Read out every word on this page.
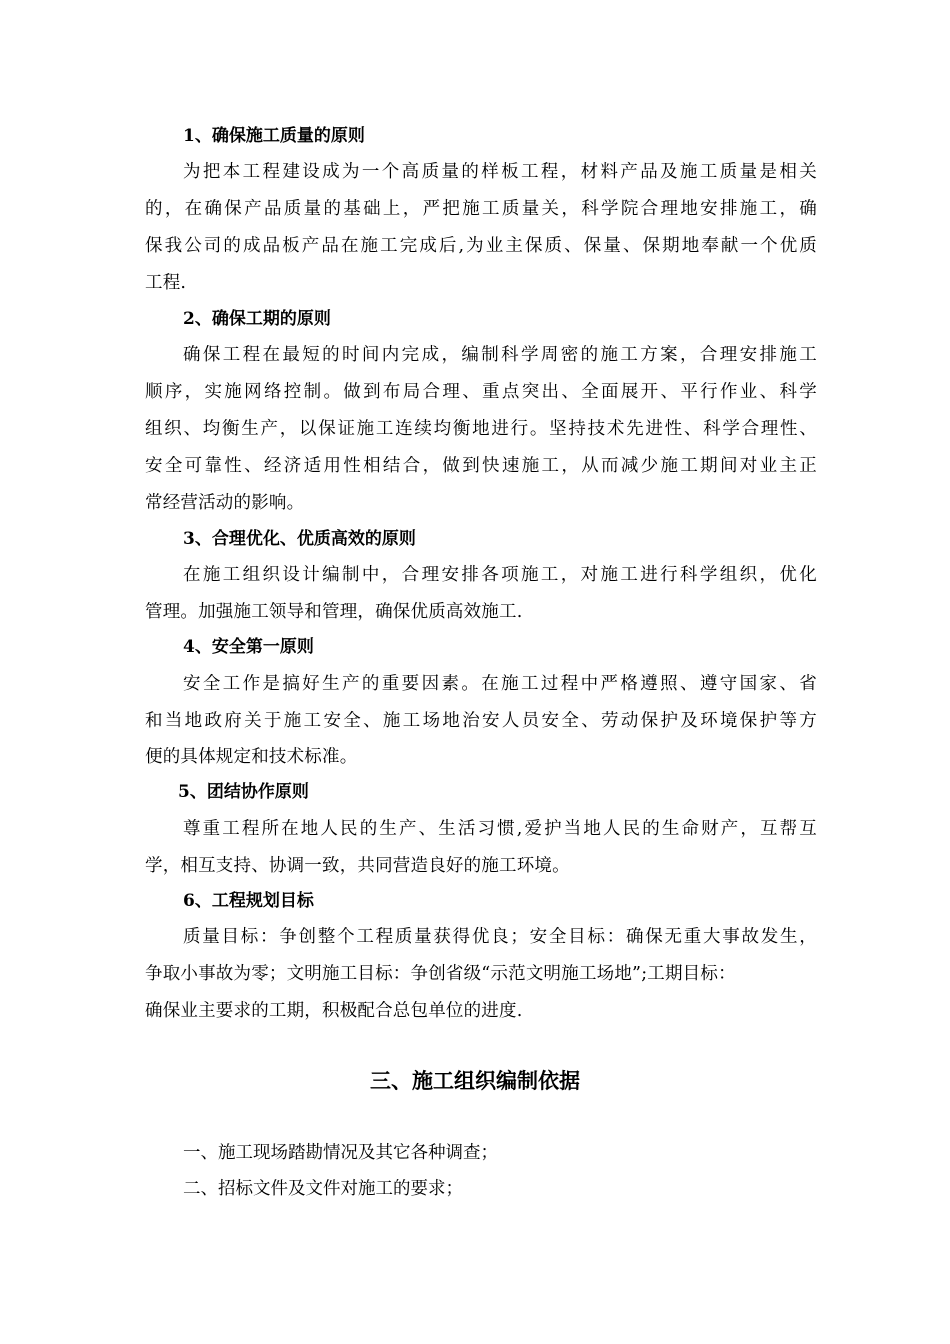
1、确保施工质量的原则
为把本工程建设成为一个高质量的样板工程，材料产品及施工质量是相关
的，在确保产品质量的基础上，严把施工质量关，科学院合理地安排施工，确
保我公司的成品板产品在施工完成后,为业主保质、保量、保期地奉献一个优质
工程.
2、确保工期的原则
确保工程在最短的时间内完成，编制科学周密的施工方案，合理安排施工
顺序，实施网络控制。做到布局合理、重点突出、全面展开、平行作业、科学
组织、均衡生产，以保证施工连续均衡地进行。坚持技术先进性、科学合理性、
安全可靠性、经济适用性相结合，做到快速施工，从而减少施工期间对业主正
常经营活动的影响。
3、合理优化、优质高效的原则
在施工组织设计编制中，合理安排各项施工，对施工进行科学组织，优化
管理。加强施工领导和管理，确保优质高效施工.
4、安全第一原则
安全工作是搞好生产的重要因素。在施工过程中严格遵照、遵守国家、省
和当地政府关于施工安全、施工场地治安人员安全、劳动保护及环境保护等方
便的具体规定和技术标准。
5、团结协作原则
尊重工程所在地人民的生产、生活习惯,爱护当地人民的生命财产，互帮互
学，相互支持、协调一致，共同营造良好的施工环境。
6、工程规划目标
质量目标：争创整个工程质量获得优良；安全目标：确保无重大事故发生，
争取小事故为零；文明施工目标：争创省级“示范文明施工场地”;工期目标：
确保业主要求的工期，积极配合总包单位的进度.
三、施工组织编制依据
一、施工现场踏勘情况及其它各种调查；
二、招标文件及文件对施工的要求；
